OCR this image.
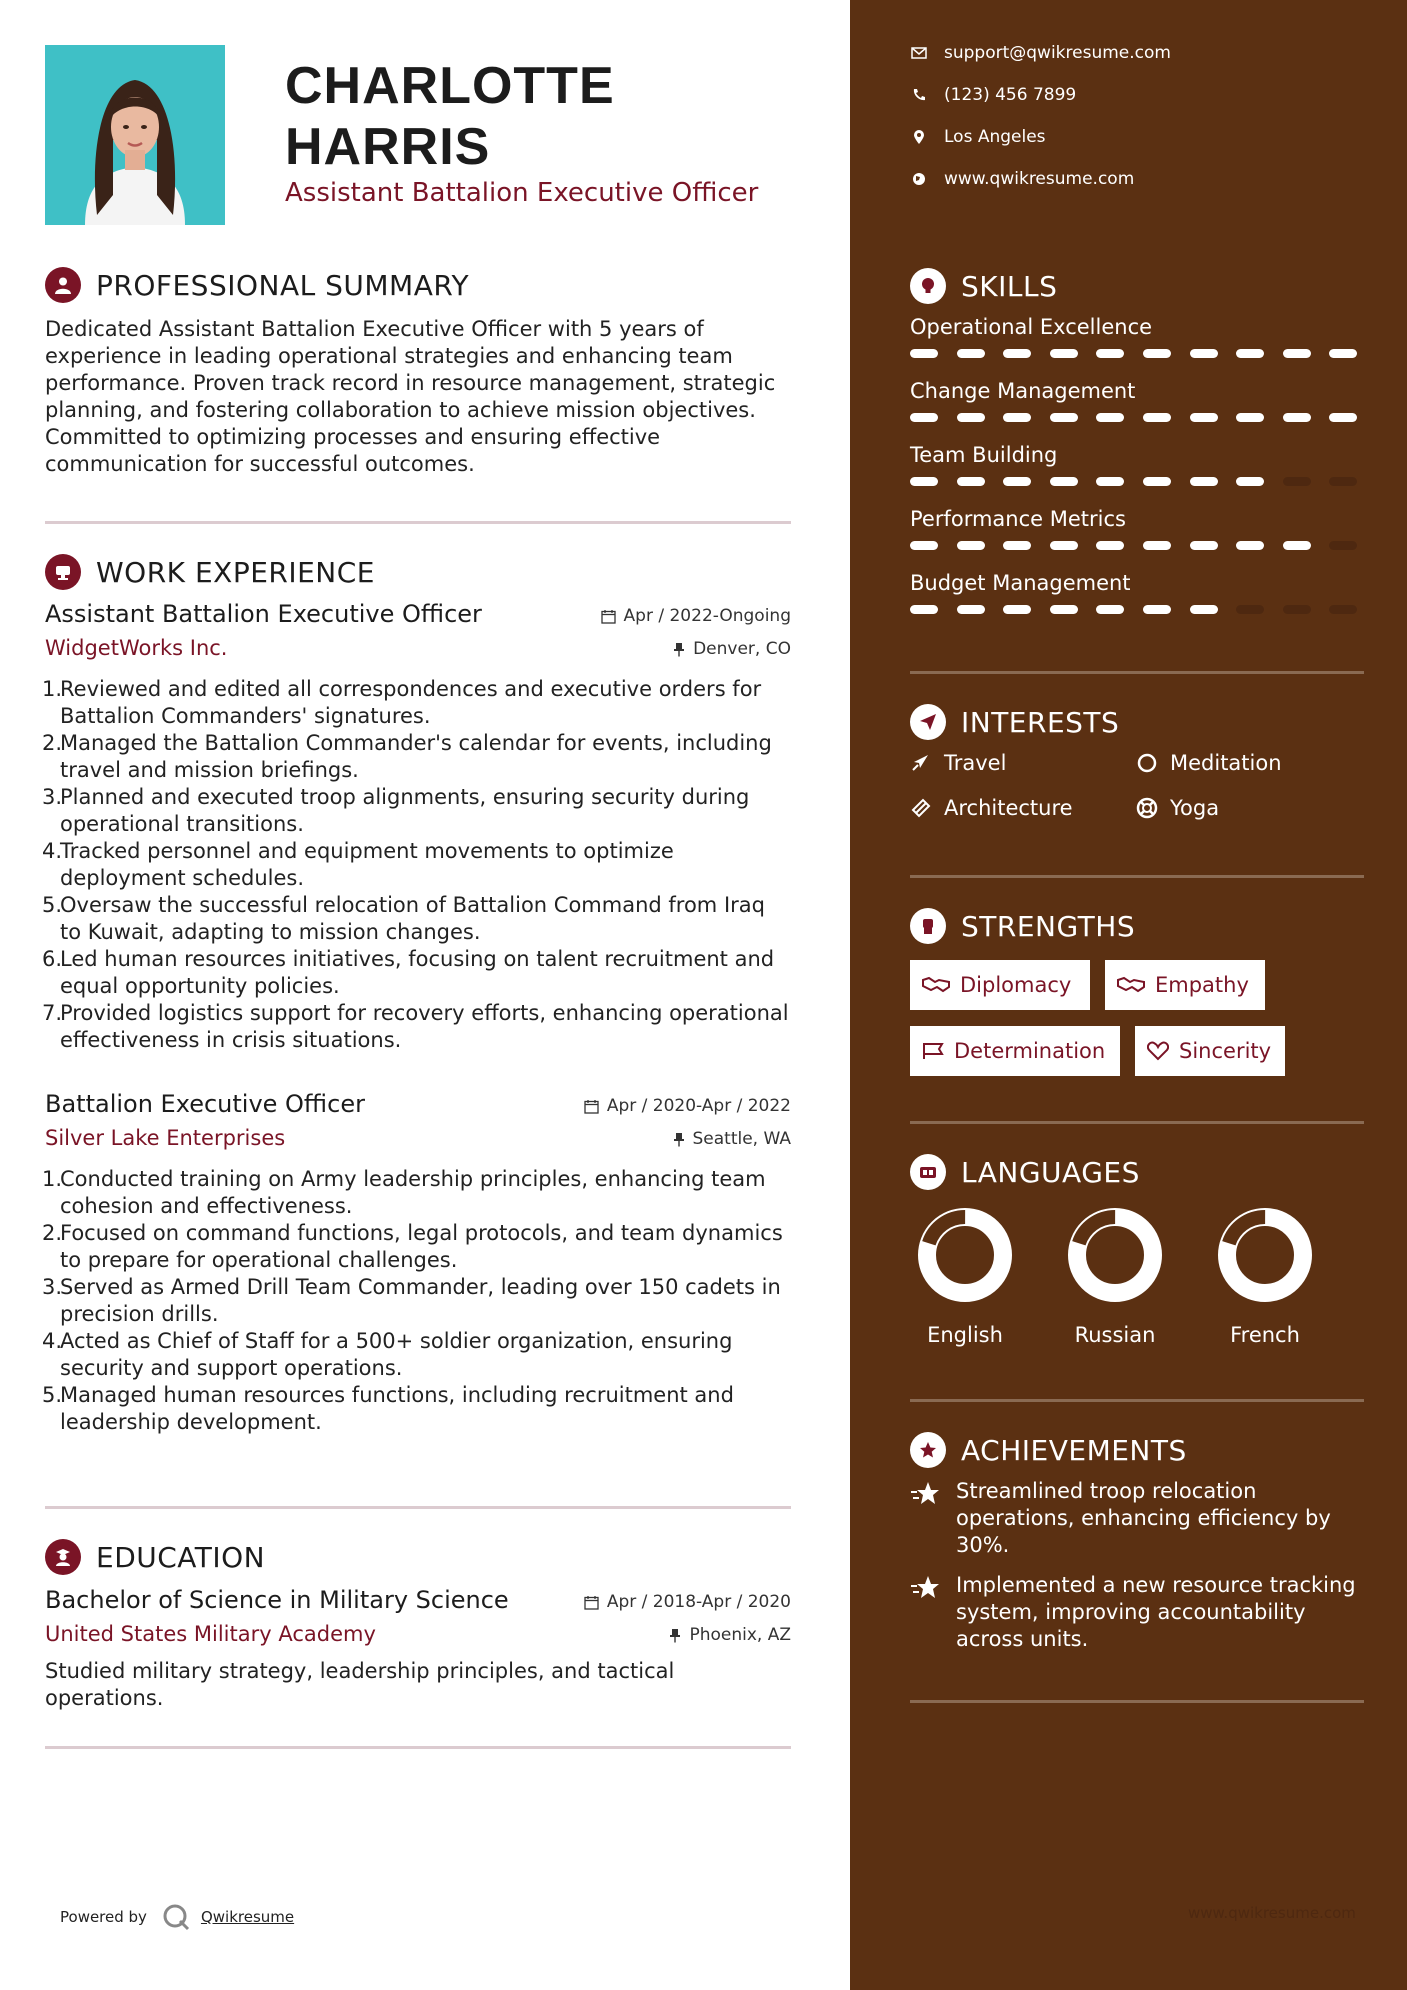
CHARLOTTE
HARRIS
Assistant Battalion Executive Officer
PROFESSIONAL SUMMARY
Dedicated Assistant Battalion Executive Officer with 5 years of experience in leading operational strategies and enhancing team performance. Proven track record in resource management, strategic planning, and fostering collaboration to achieve mission objectives. Committed to optimizing processes and ensuring effective communication for successful outcomes.
WORK EXPERIENCE
Assistant Battalion Executive Officer	Apr / 2022-Ongoing
WidgetWorks Inc.	Denver, CO
1.
Reviewed and edited all correspondences and executive orders for Battalion Commanders' signatures.
2.
Managed the Battalion Commander's calendar for events, including travel and mission briefings.
3.
Planned and executed troop alignments, ensuring security during operational transitions.
4.
Tracked personnel and equipment movements to optimize deployment schedules.
5.
Oversaw the successful relocation of Battalion Command from Iraq to Kuwait, adapting to mission changes.
6.
Led human resources initiatives, focusing on talent recruitment and equal opportunity policies.
7.
Provided logistics support for recovery efforts, enhancing operational effectiveness in crisis situations.
Battalion Executive Officer	Apr / 2020-Apr / 2022
Silver Lake Enterprises	Seattle, WA
1.
Conducted training on Army leadership principles, enhancing team cohesion and effectiveness.
2.
Focused on command functions, legal protocols, and team dynamics to prepare for operational challenges.
3.
Served as Armed Drill Team Commander, leading over 150 cadets in precision drills.
4.
Acted as Chief of Staff for a 500+ soldier organization, ensuring security and support operations.
5.
Managed human resources functions, including recruitment and leadership development.
EDUCATION
Bachelor of Science in Military Science	Apr / 2018-Apr / 2020
United States Military Academy	Phoenix, AZ
Studied military strategy, leadership principles, and tactical operations.
Powered by	Qwikresume
support@qwikresume.com
(123) 456 7899
Los Angeles
www.qwikresume.com
SKILLS
Operational Excellence
Change Management
Team Building
Performance Metrics
Budget Management
INTERESTS
Travel	Meditation
Architecture	Yoga
STRENGTHS
Diplomacy	Empathy
Determination	Sincerity
LANGUAGES
English	Russian	French
ACHIEVEMENTS
Streamlined troop relocation operations, enhancing efficiency by 30%.
Implemented a new resource tracking system, improving accountability across units.
www.qwikresume.com
